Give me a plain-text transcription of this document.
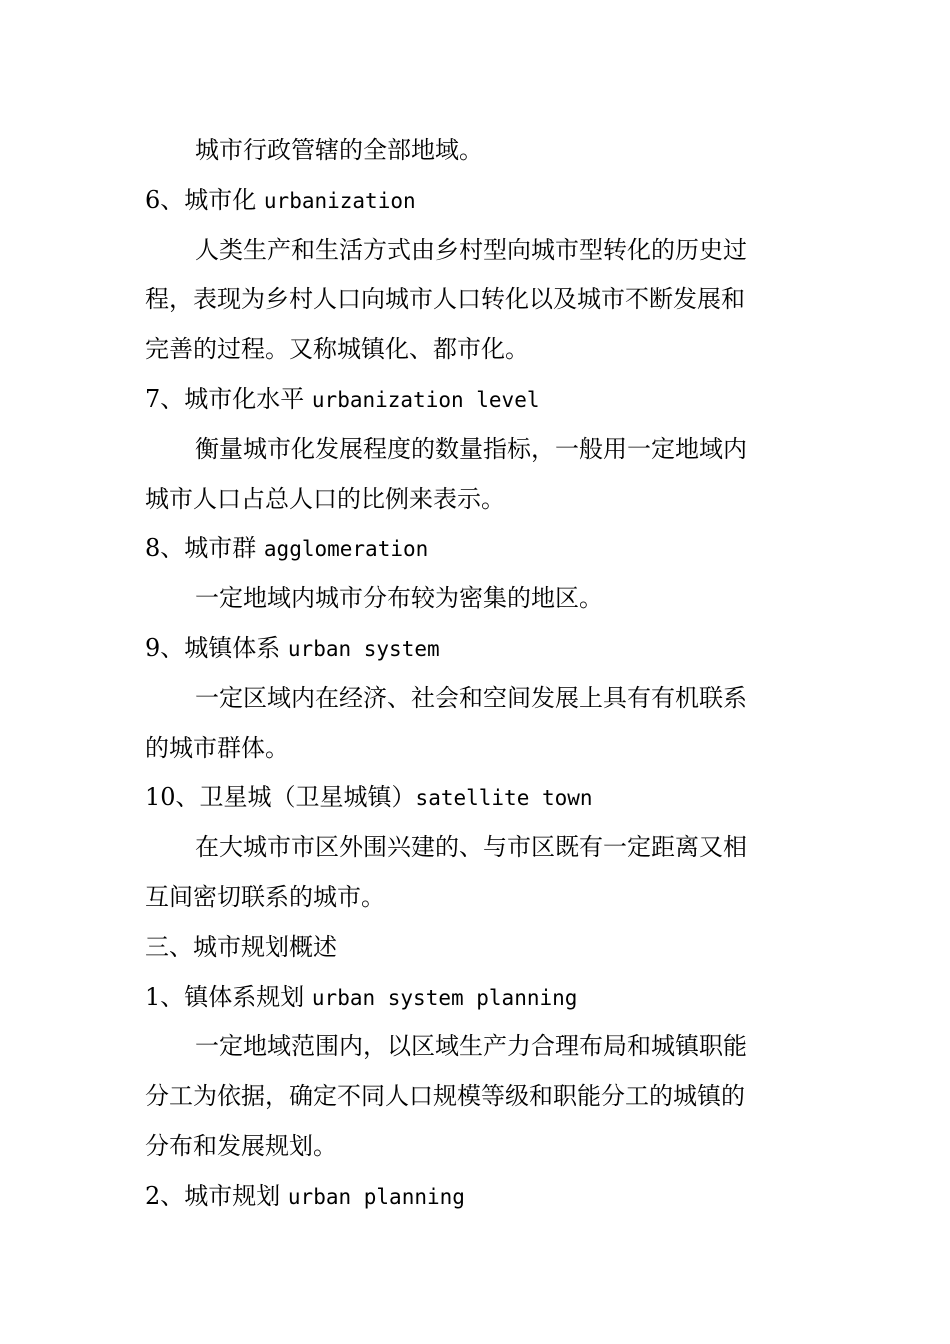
城市行政管辖的全部地域。
6、城市化 urbanization
人类生产和生活方式由乡村型向城市型转化的历史过
程，表现为乡村人口向城市人口转化以及城市不断发展和
完善的过程。又称城镇化、都市化。
7、城市化水平 urbanization level
衡量城市化发展程度的数量指标，一般用一定地域内
城市人口占总人口的比例来表示。
8、城市群 agglomeration
一定地域内城市分布较为密集的地区。
9、城镇体系 urban system
一定区域内在经济、社会和空间发展上具有有机联系
的城市群体。
10、卫星城（卫星城镇）satellite town
在大城市市区外围兴建的、与市区既有一定距离又相
互间密切联系的城市。
三、城市规划概述
1、镇体系规划 urban system planning
一定地域范围内，以区域生产力合理布局和城镇职能
分工为依据，确定不同人口规模等级和职能分工的城镇的
分布和发展规划。
2、城市规划 urban planning
